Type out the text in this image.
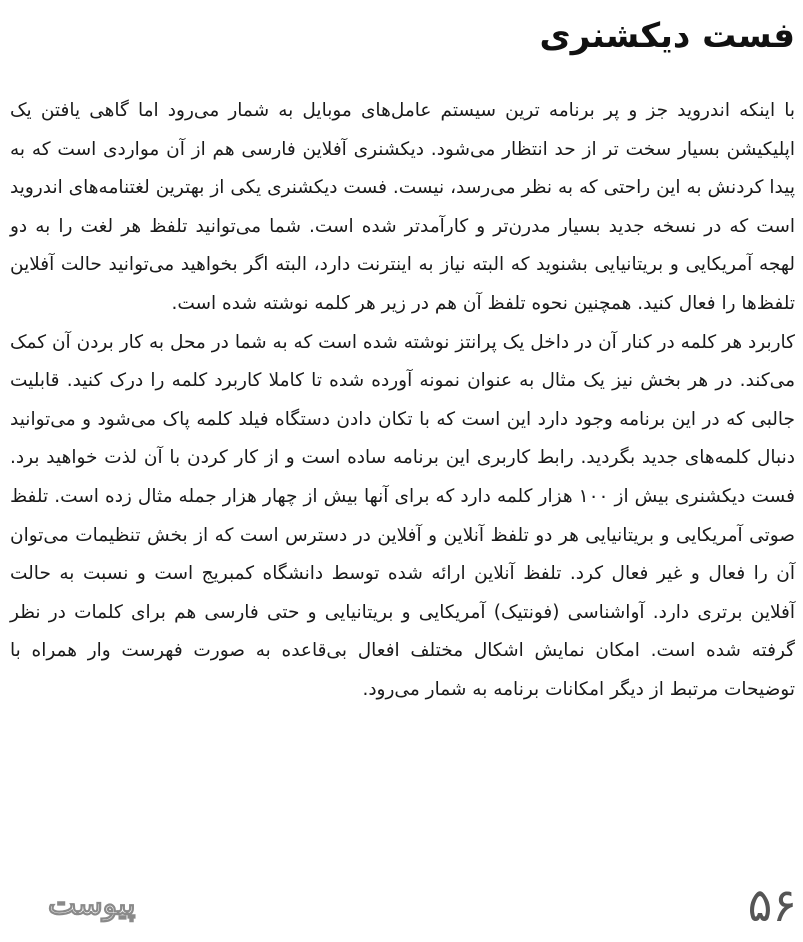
فست دیکشنری

با اینکه اندروید جز و پر برنامه ترین سیستم عامل‌های موبایل به شمار می‌رود اما گاهی یافتن یک اپلیکیشن بسیار سخت تر از حد انتظار می‌شود. دیکشنری آفلاین فارسی هم از آن مواردی است که به پیدا کردنش به این راحتی که به نظر می‌رسد، نیست. فست دیکشنری یکی از بهترین لغتنامه‌های اندروید است که در نسخه جدید بسیار مدرن‌تر و کارآمدتر شده است. شما می‌توانید تلفظ هر لغت را به دو لهجه آمریکایی و بریتانیایی بشنوید که البته نیاز به اینترنت دارد، البته اگر بخواهید می‌توانید حالت آفلاین تلفظ‌ها را فعال کنید. همچنین نحوه تلفظ آن هم در زیر هر کلمه نوشته شده است.

کاربرد هر کلمه در کنار آن در داخل یک پرانتز نوشته شده است که به شما در محل به کار بردن آن کمک می‌کند. در هر بخش نیز یک مثال به عنوان نمونه آورده شده تا کاملا کاربرد کلمه را درک کنید. قابلیت جالبی که در این برنامه وجود دارد این است که با تکان دادن دستگاه فیلد کلمه پاک می‌شود و می‌توانید دنبال کلمه‌های جدید بگردید. رابط کاربری این برنامه ساده است و از کار کردن با آن لذت خواهید برد. فست دیکشنری بیش از ۱۰۰ هزار کلمه دارد که برای آنها بیش از چهار هزار جمله مثال زده است. تلفظ صوتی آمریکایی و بریتانیایی هر دو تلفظ آنلاین و آفلاین در دسترس است که از بخش تنظیمات می‌توان آن را فعال و غیر فعال کرد. تلفظ آنلاین ارائه شده توسط دانشگاه کمبریج است و نسبت به حالت آفلاین برتری دارد. آواشناسی (فونتیک) آمریکایی و بریتانیایی و حتی فارسی هم برای کلمات در نظر گرفته شده است. امکان نمایش اشکال مختلف افعال بی‌قاعده به صورت فهرست وار همراه با توضیحات مرتبط از دیگر امکانات برنامه به شمار می‌رود.

پیوست	۵۶
